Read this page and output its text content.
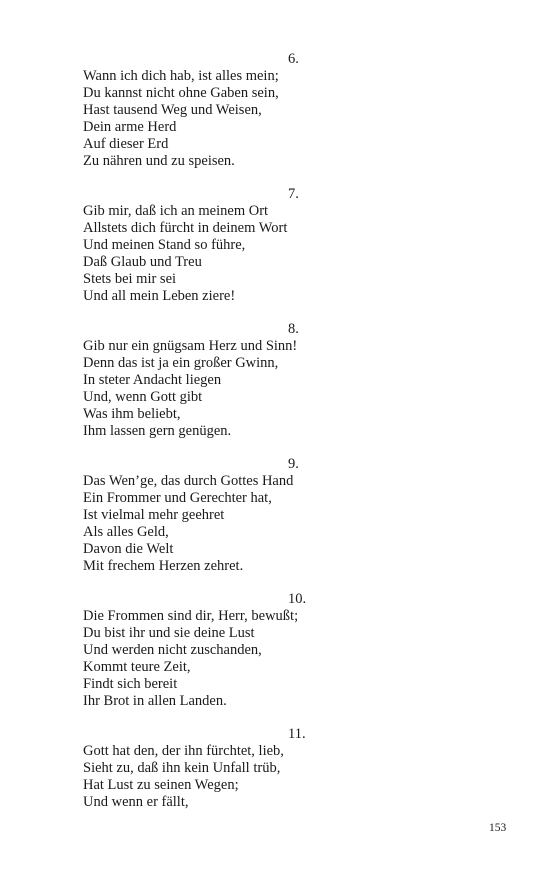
6.
Wann ich dich hab, ist alles mein;
Du kannst nicht ohne Gaben sein,
Hast tausend Weg und Weisen,
Dein arme Herd
Auf dieser Erd
Zu nähren und zu speisen.
7.
Gib mir, daß ich an meinem Ort
Allstets dich fürcht in deinem Wort
Und meinen Stand so führe,
Daß Glaub und Treu
Stets bei mir sei
Und all mein Leben ziere!
8.
Gib nur ein gnügsam Herz und Sinn!
Denn das ist ja ein großer Gwinn,
In steter Andacht liegen
Und, wenn Gott gibt
Was ihm beliebt,
Ihm lassen gern genügen.
9.
Das Wen’ge, das durch Gottes Hand
Ein Frommer und Gerechter hat,
Ist vielmal mehr geehret
Als alles Geld,
Davon die Welt
Mit frechem Herzen zehret.
10.
Die Frommen sind dir, Herr, bewußt;
Du bist ihr und sie deine Lust
Und werden nicht zuschanden,
Kommt teure Zeit,
Findt sich bereit
Ihr Brot in allen Landen.
11.
Gott hat den, der ihn fürchtet, lieb,
Sieht zu, daß ihn kein Unfall trüb,
Hat Lust zu seinen Wegen;
Und wenn er fällt,
153
